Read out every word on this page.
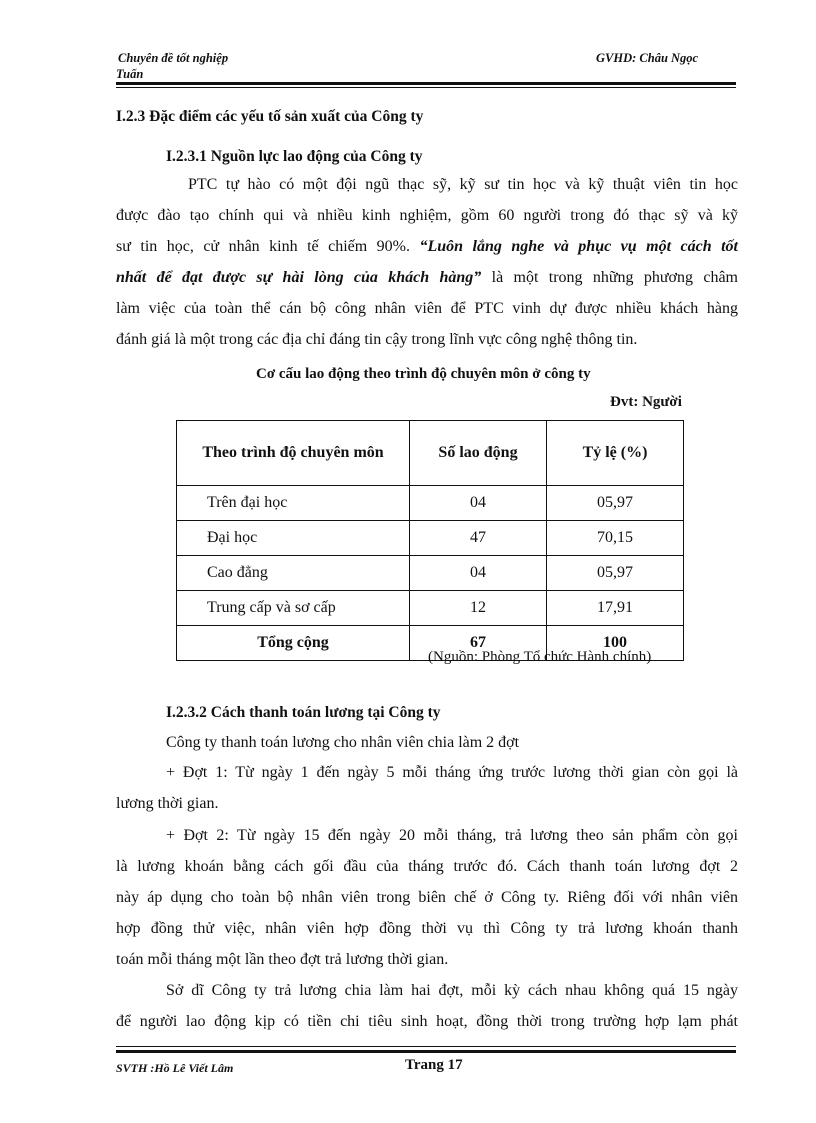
Chuyên đề tốt nghiệp	GVHD: Châu Ngọc
Tuấn
I.2.3 Đặc điểm các yếu tố sản xuất của Công ty
I.2.3.1 Nguồn lực lao động của Công ty
PTC tự hào có một đội ngũ thạc sỹ, kỹ sư tin học và kỹ thuật viên tin học
được đào tạo chính qui và nhiều kinh nghiệm, gồm 60 người trong đó thạc sỹ và kỹ
sư tin học, cử nhân kinh tế chiếm 90%. “Luôn lắng nghe và phục vụ một cách tốt
nhất để đạt được sự hài lòng của khách hàng” là một trong những phương châm
làm việc của toàn thể cán bộ công nhân viên để PTC vinh dự được nhiều khách hàng
đánh giá là một trong các địa chỉ đáng tin cậy trong lĩnh vực công nghệ thông tin.
Cơ cấu lao động theo trình độ chuyên môn ở công ty
Đvt: Người
Theo trình độ chuyên môn	Số lao động	Tỷ lệ (%)
Trên đại học	04	05,97
Đại học	47	70,15
Cao đẳng	04	05,97
Trung cấp và sơ cấp	12	17,91
Tổng cộng	67	100
(Nguồn: Phòng Tổ chức Hành chính)
I.2.3.2 Cách thanh toán lương tại Công ty
Công ty thanh toán lương cho nhân viên chia làm 2 đợt
+ Đợt 1: Từ ngày 1 đến ngày 5 mỗi tháng ứng trước lương thời gian còn gọi là
lương thời gian.
+ Đợt 2: Từ ngày 15 đến ngày 20 mỗi tháng, trả lương theo sản phẩm còn gọi
là lương khoán bằng cách gối đầu của tháng trước đó. Cách thanh toán lương đợt 2
này áp dụng cho toàn bộ nhân viên trong biên chế ở Công ty. Riêng đối với nhân viên
hợp đồng thử việc, nhân viên hợp đồng thời vụ thì Công ty trả lương khoán thanh
toán mỗi tháng một lần theo đợt trả lương thời gian.
Sở dĩ Công ty trả lương chia làm hai đợt, mỗi kỳ cách nhau không quá 15 ngày
để người lao động kịp có tiền chi tiêu sinh hoạt, đồng thời trong trường hợp lạm phát
SVTH :Hồ Lê Viết Lâm	Trang 17
